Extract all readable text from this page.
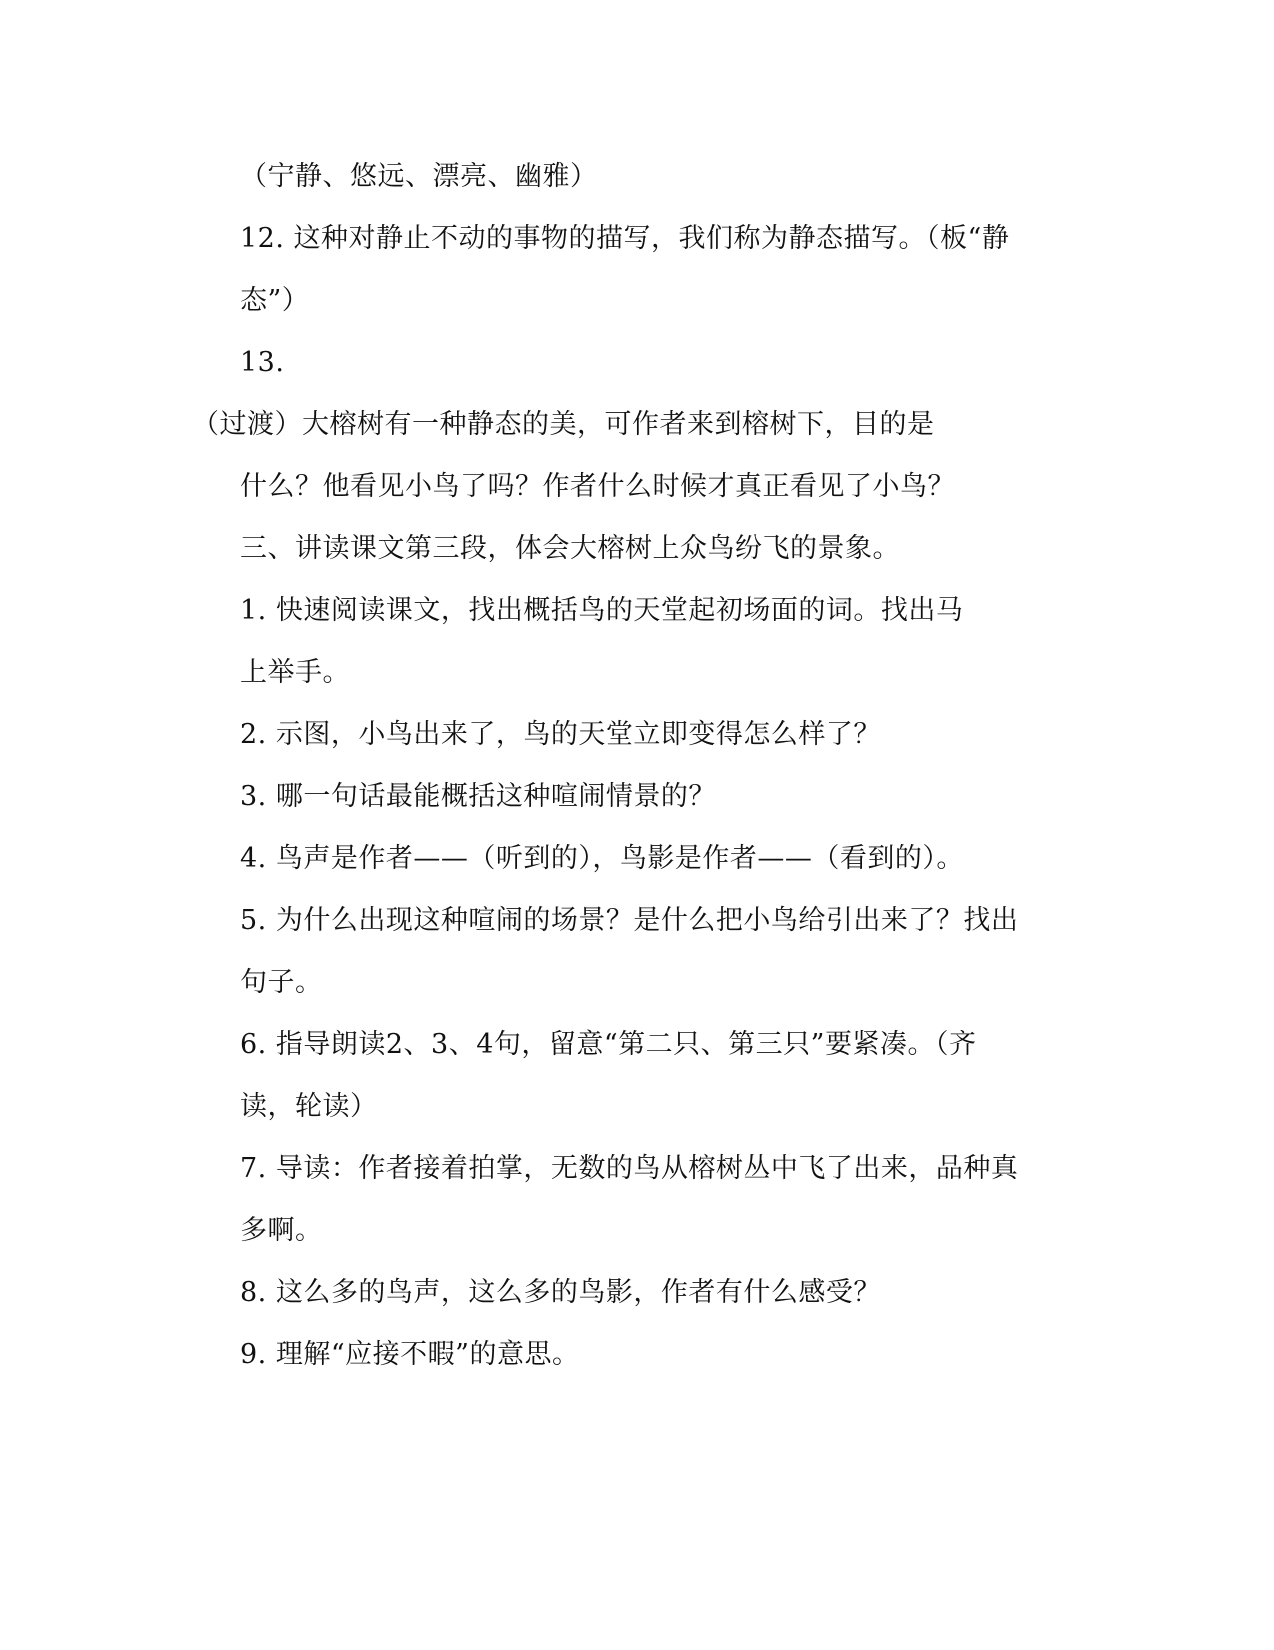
（宁静、悠远、漂亮、幽雅）
12. 这种对静止不动的事物的描写，我们称为静态描写。（板“静
态”）
13.
（过渡）大榕树有一种静态的美，可作者来到榕树下，目的是
什么？他看见小鸟了吗？作者什么时候才真正看见了小鸟？
三、讲读课文第三段，体会大榕树上众鸟纷飞的景象。
1. 快速阅读课文，找出概括鸟的天堂起初场面的词。找出马
上举手。
2. 示图，小鸟出来了，鸟的天堂立即变得怎么样了？
3. 哪一句话最能概括这种喧闹情景的？
4. 鸟声是作者——（听到的），鸟影是作者——（看到的）。
5. 为什么出现这种喧闹的场景？是什么把小鸟给引出来了？找出
句子。
6. 指导朗读2、3、4句，留意“第二只、第三只”要紧凑。（齐
读，轮读）
7. 导读：作者接着拍掌，无数的鸟从榕树丛中飞了出来，品种真
多啊。
8. 这么多的鸟声，这么多的鸟影，作者有什么感受？
9. 理解“应接不暇”的意思。
